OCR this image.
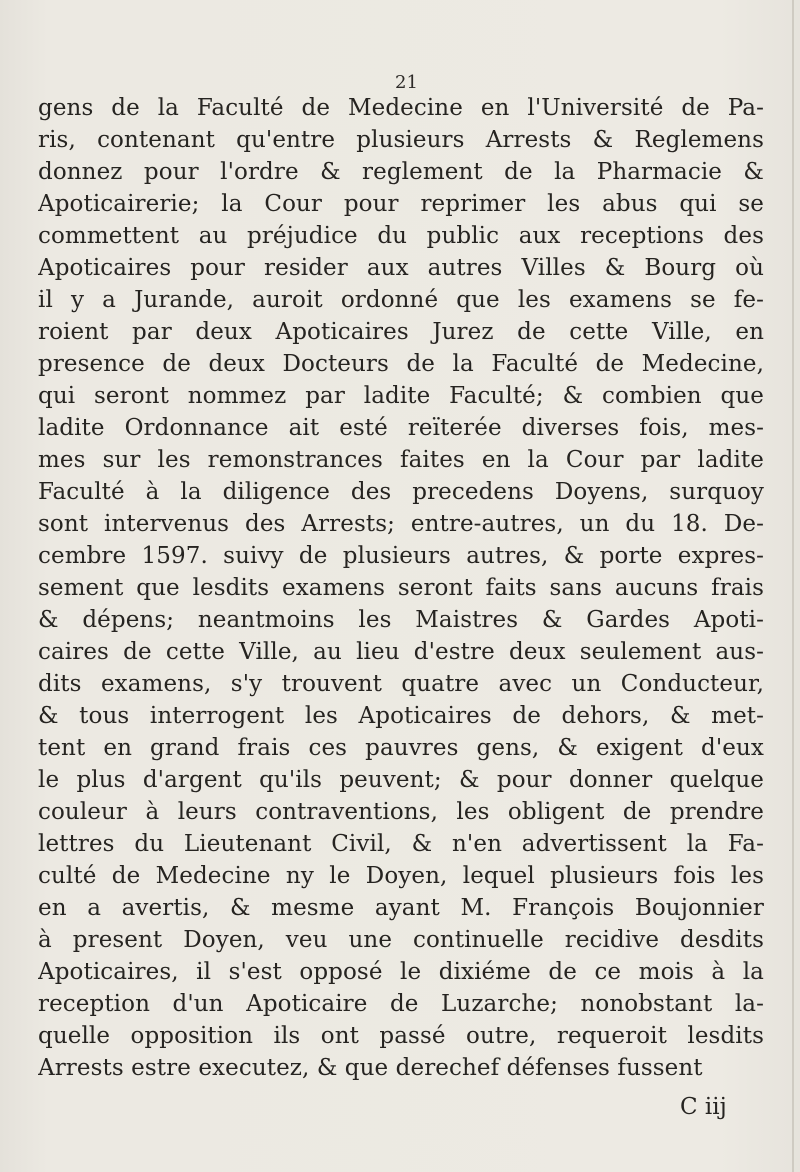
21
gens de la Faculté de Medecine en l'Université de Pa-
ris, contenant qu'entre plusieurs Arrests & Reglemens
donnez pour l'ordre & reglement de la Pharmacie &
Apoticairerie; la Cour pour reprimer les abus qui se
commettent au préjudice du public aux receptions des
Apoticaires pour resider aux autres Villes & Bourg où
il y a Jurande, auroit ordonné que les examens se fe-
roient par deux Apoticaires Jurez de cette Ville, en
presence de deux Docteurs de la Faculté de Medecine,
qui seront nommez par ladite Faculté; & combien que
ladite Ordonnance ait esté reïterée diverses fois, mes-
mes sur les remonstrances faites en la Cour par ladite
Faculté à la diligence des precedens Doyens, surquoy
sont intervenus des Arrests; entre-autres, un du 18. De-
cembre 1597. suivy de plusieurs autres, & porte expres-
sement que lesdits examens seront faits sans aucuns frais
& dépens; neantmoins les Maistres & Gardes Apoti-
caires de cette Ville, au lieu d'estre deux seulement aus-
dits examens, s'y trouvent quatre avec un Conducteur,
& tous interrogent les Apoticaires de dehors, & met-
tent en grand frais ces pauvres gens, & exigent d'eux
le plus d'argent qu'ils peuvent; & pour donner quelque
couleur à leurs contraventions, les obligent de prendre
lettres du Lieutenant Civil, & n'en advertissent la Fa-
culté de Medecine ny le Doyen, lequel plusieurs fois les
en a avertis, & mesme ayant M. François Boujonnier
à present Doyen, veu une continuelle recidive desdits
Apoticaires, il s'est opposé le dixiéme de ce mois à la
reception d'un Apoticaire de Luzarche; nonobstant la-
quelle opposition ils ont passé outre, requeroit lesdits
Arrests estre executez, & que derechef défenses fussent
C iij
